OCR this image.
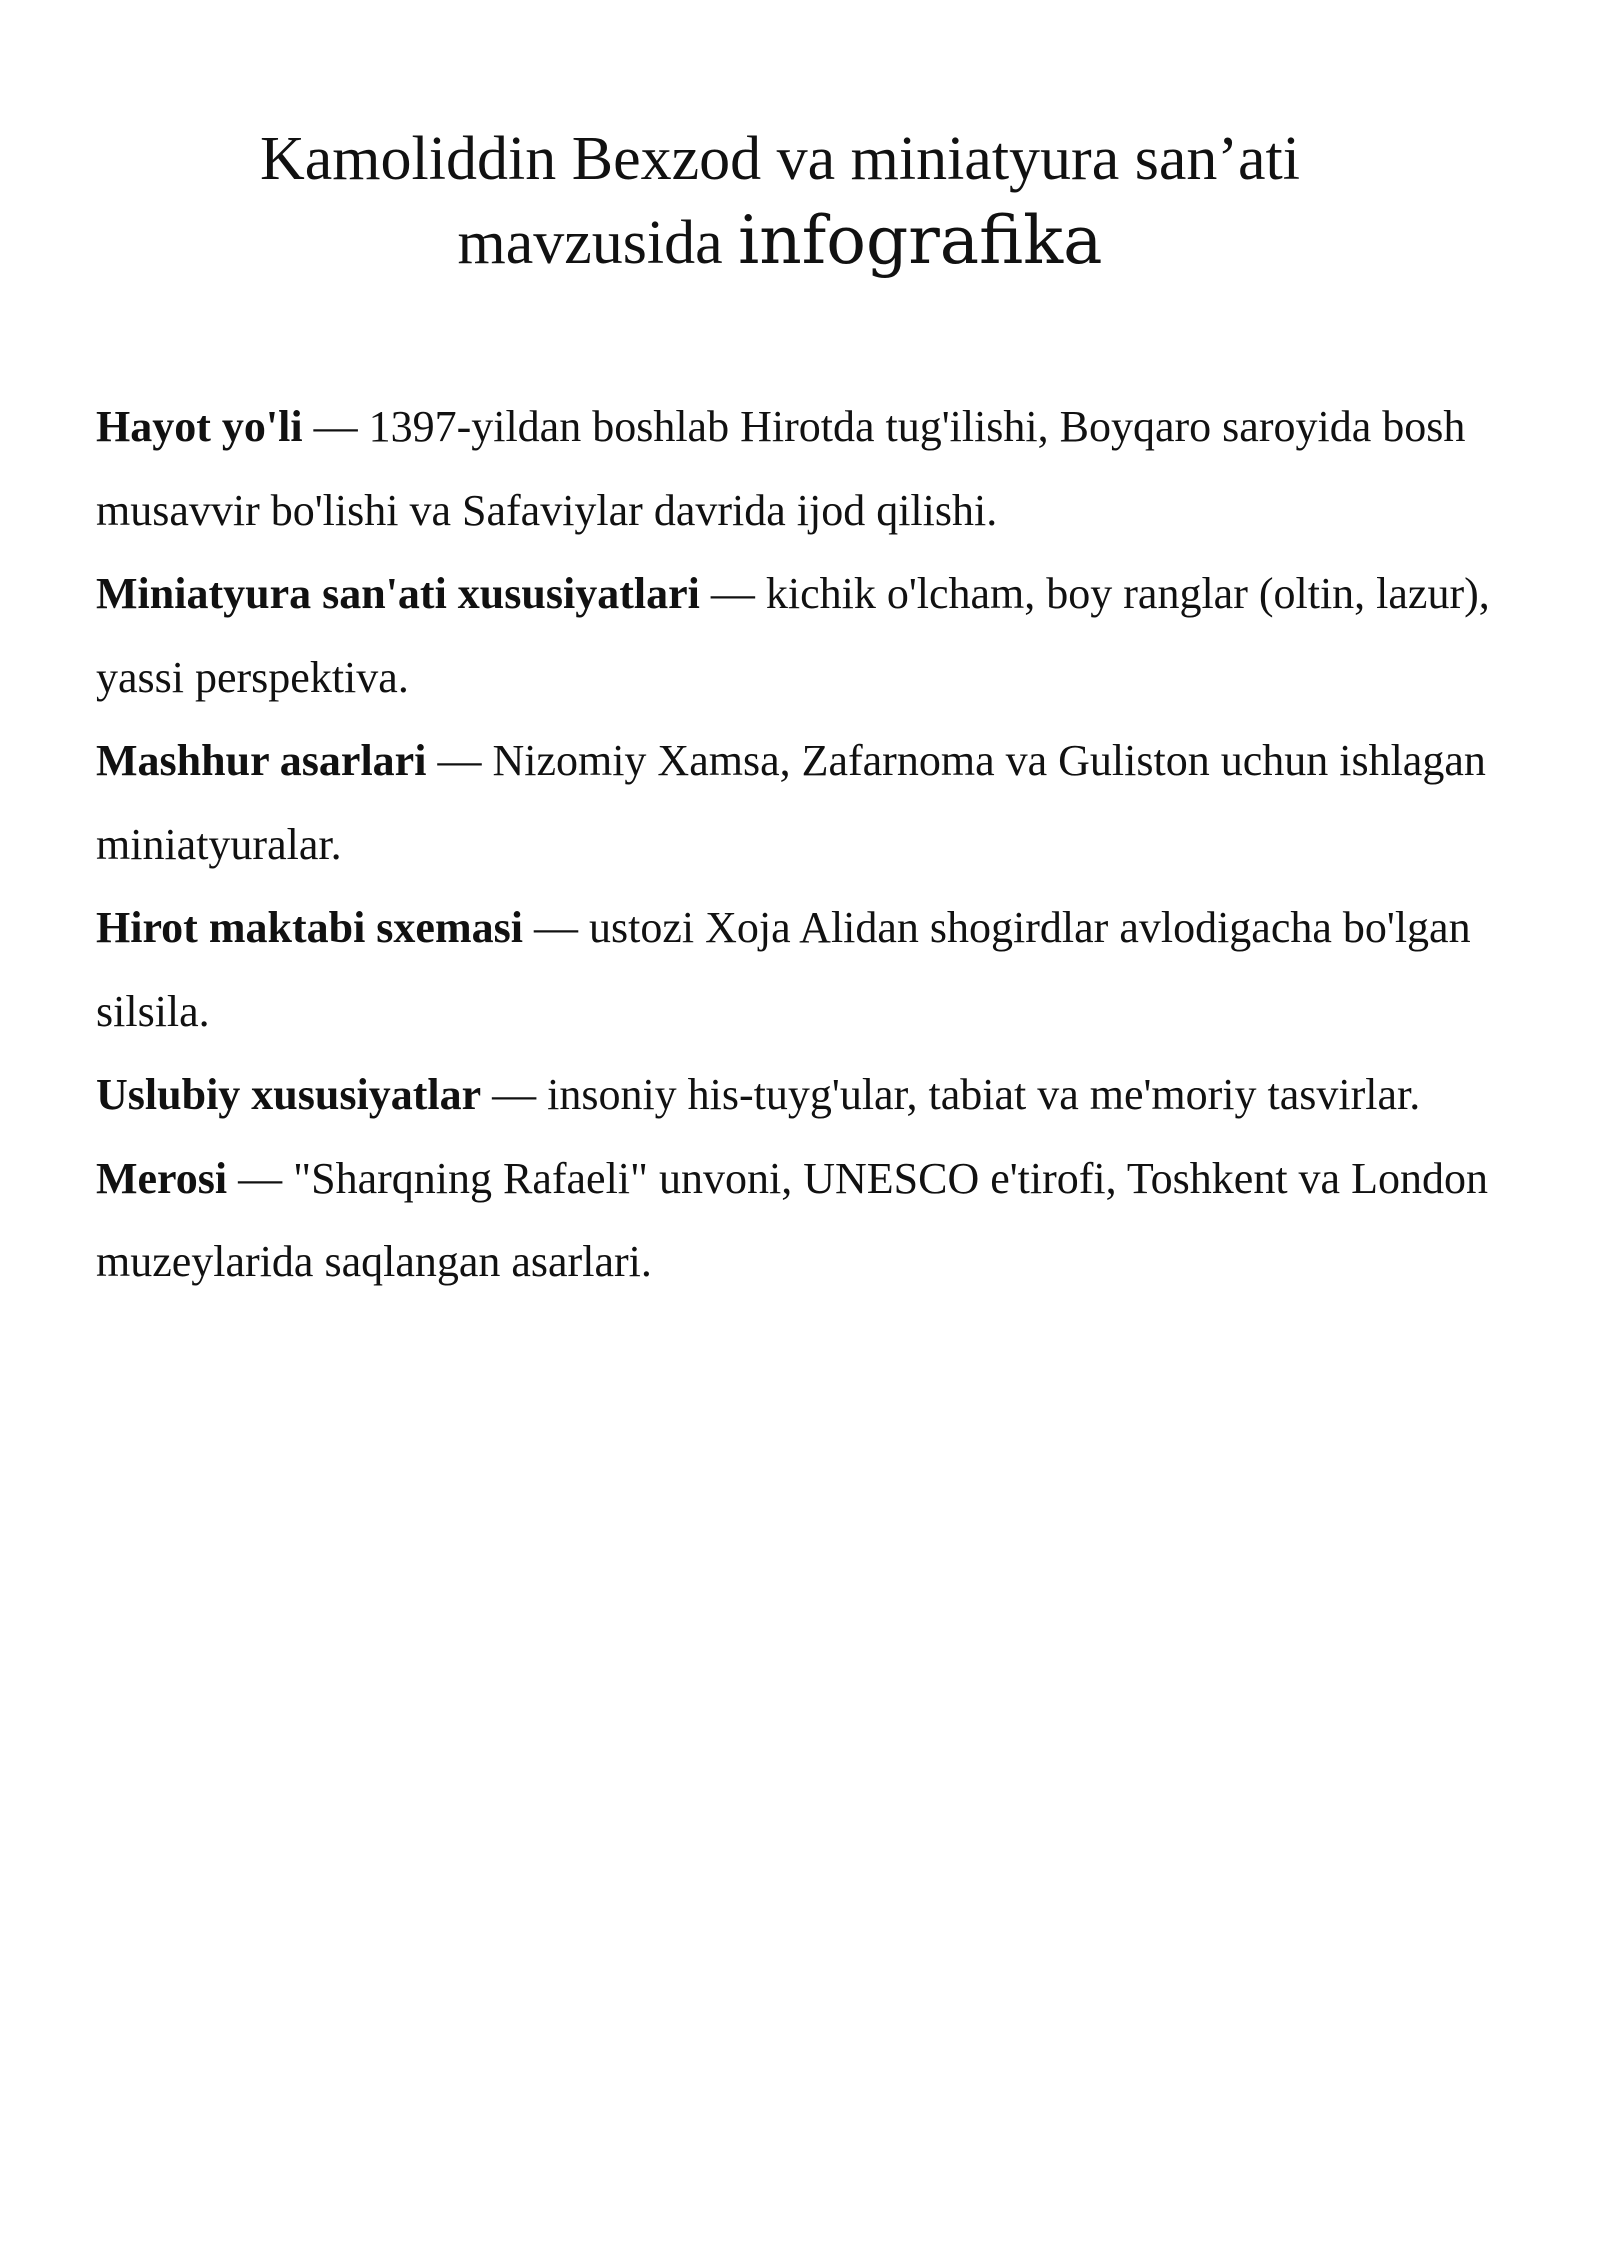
Kamoliddin Bexzod va miniatyura san’ati
mavzusida infografika

Hayot yo'li — 1397-yildan boshlab Hirotda tug'ilishi, Boyqaro saroyida bosh musavvir bo'lishi va Safaviylar davrida ijod qilishi.

Miniatyura san'ati xususiyatlari — kichik o'lcham, boy ranglar (oltin, lazur), yassi perspektiva.

Mashhur asarlari — Nizomiy Xamsa, Zafarnoma va Guliston uchun ishlagan miniatyuralar.

Hirot maktabi sxemasi — ustozi Xoja Alidan shogirdlar avlodigacha bo'lgan silsila.

Uslubiy xususiyatlar — insoniy his-tuyg'ular, tabiat va me'moriy tasvirlar.

Merosi — "Sharqning Rafaeli" unvoni, UNESCO e'tirofi, Toshkent va London muzeylarida saqlangan asarlari.
